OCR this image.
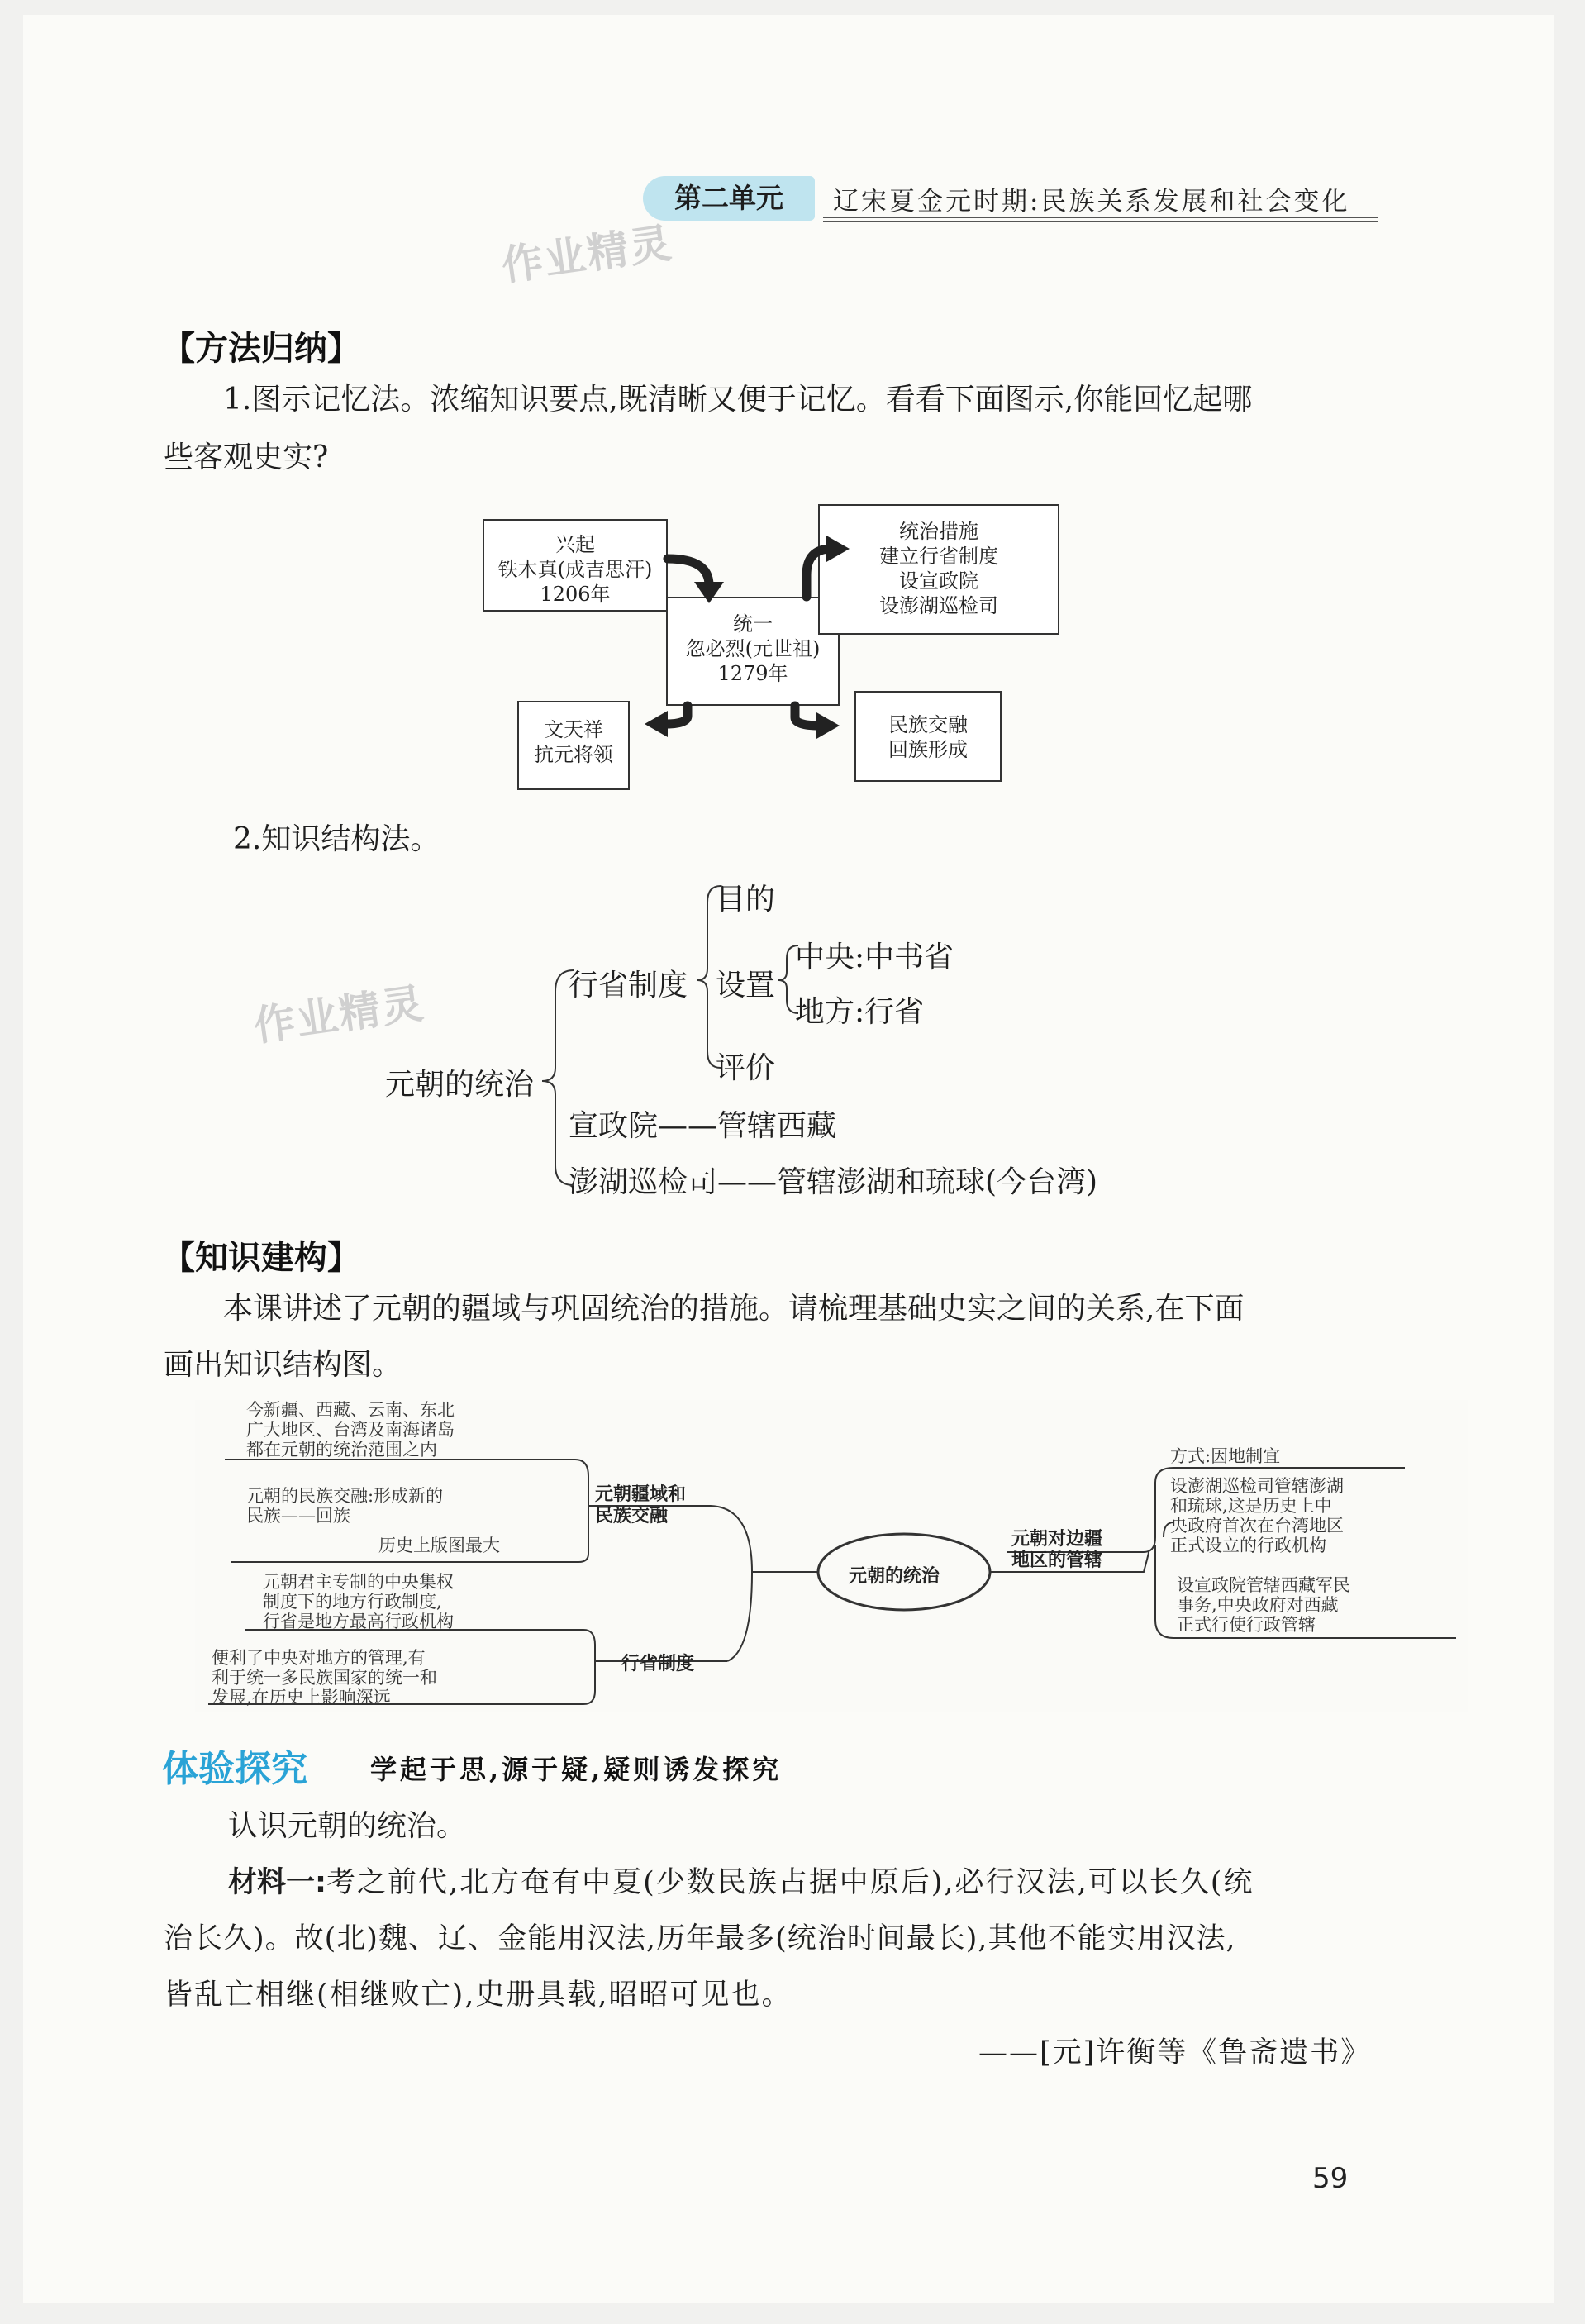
第二单元	辽宋夏金元时期:民族关系发展和社会变化
作业精灵
作业精灵
【方法归纳】
1.图示记忆法。浓缩知识要点,既清晰又便于记忆。看看下面图示,你能回忆起哪
些客观史实?
兴起
铁木真(成吉思汗)
1206年
统一
忽必烈(元世祖)
1279年
统治措施
建立行省制度
设宣政院
设澎湖巡检司
文天祥
抗元将领
民族交融
回族形成
2.知识结构法。
元朝的统治
行省制度
目的
设置
中央:中书省
地方:行省
评价
宣政院——管辖西藏
澎湖巡检司——管辖澎湖和琉球(今台湾)
【知识建构】
本课讲述了元朝的疆域与巩固统治的措施。请梳理基础史实之间的关系,在下面
画出知识结构图。
元朝的统治
元朝疆域和
民族交融
今新疆、西藏、云南、东北
广大地区、台湾及南海诸岛
都在元朝的统治范围之内
元朝的民族交融:形成新的
民族——回族
历史上版图最大
行省制度
元朝君主专制的中央集权
制度下的地方行政制度,
行省是地方最高行政机构
便利了中央对地方的管理,有
利于统一多民族国家的统一和
发展,在历史上影响深远
元朝对边疆
地区的管辖
方式:因地制宜
设澎湖巡检司管辖澎湖
和琉球,这是历史上中
央政府首次在台湾地区
正式设立的行政机构
设宣政院管辖西藏军民
事务,中央政府对西藏
正式行使行政管辖
体验探究 学起于思,源于疑,疑则诱发探究
认识元朝的统治。
材料一:考之前代,北方奄有中夏(少数民族占据中原后),必行汉法,可以长久(统
治长久)。故(北)魏、辽、金能用汉法,历年最多(统治时间最长),其他不能实用汉法,
皆乱亡相继(相继败亡),史册具载,昭昭可见也。
——[元]许衡等《鲁斋遗书》
59
